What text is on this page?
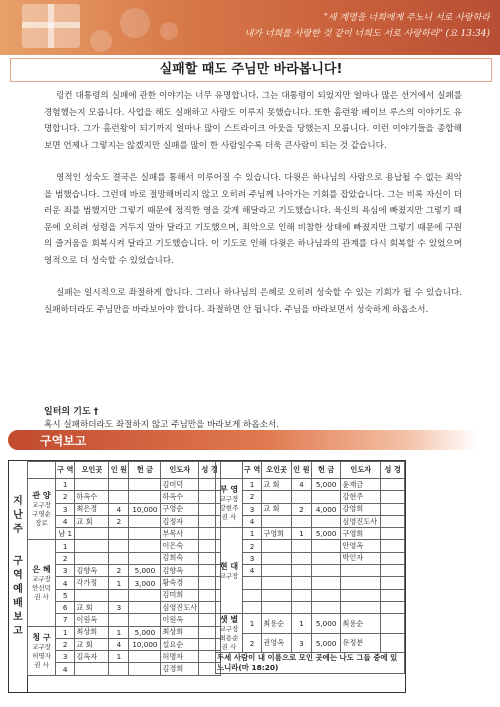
"새 계명을 너희에게 주노니 서로 사랑하라
내가 너희를 사랑한 것 같이 너희도 서로 사랑하라" (요 13:34)
실패할 때도 주님만 바라봅니다!

링컨 대통령의 실패에 관한 이야기는 너무 유명합니다. 그는 대통령이 되었지만 얼마나 많은 선거에서 실패를 경험했는지 모릅니다. 사업을 해도 실패하고 사랑도 이루지 못했습니다. 또한 홈런왕 베이브 루스의 이야기도 유명합니다. 그가 홈런왕이 되기까지 얼마나 많이 스트라이크 아웃을 당했는지 모릅니다. 이런 이야기들을 종합해보면 언제나 그렇지는 않겠지만 실패를 많이 한 사람일수록 더욱 큰사람이 되는 것 같습니다.

영적인 성숙도 결국은 실패를 통해서 이루어질 수 있습니다. 다윗은 하나님의 사람으로 용납될 수 없는 죄악을 범했습니다. 그런데 바로 절망해버리지 않고 오히려 주님께 나아가는 기회를 잡았습니다. 그는 비록 자신이 더러운 죄를 범했지만 그렇기 때문에 정직한 영을 갖게 해달라고 기도했습니다. 육신의 욕심에 빠졌지만 그렇기 때문에 오히려 성령을 거두지 말아 달라고 기도했으며, 죄악으로 인해 비참한 상태에 빠졌지만 그렇기 때문에 구원의 즐거움을 회복시켜 달라고 기도했습니다. 이 기도로 인해 다윗은 하나님과의 관계를 다시 회복할 수 있었으며 영적으로 더 성숙할 수 있었습니다.

실패는 일시적으로 좌절하게 합니다. 그러나 하나님의 은혜로 오히려 성숙할 수 있는 기회가 될 수 있습니다. 실패하더라도 주님만을 바라보아야 합니다. 좌절하면 안 됩니다. 주님을 바라보면서 성숙하게 하옵소서.

일터의 기도 †
혹시 실패하더라도 좌절하지 않고 주님만을 바라보게 하옵소서.
구역보고
지
난
주
구
역
예
배
보
고
	구 역	오인곳	인 원	헌 금	인도자	성 경

관 양
교구장 구영순 장로	1				김미덕	
	2	하옥수			하옥수	
	3	최은경	4	10,000	구영순	
	4	교 회	2		김정자	
	남 1				부목사	

은 혜
교구장 안선덕 권 사	1				이은숙	
	2				김희숙	
	3	김향옥	2	5,000	김향옥	
	4	각가정	1	3,000	황숙경	
	5				김미희	
	6	교 회	3		심영진도사	
	7	이원옥			이원옥	

청 구
교구장 허명자 권 사	1	최상희	1	5,000	최상희	
	2	교 회	4	10,000	설요순	
	3	김옥자	1		허명자	
	4				김경희	
	구 역	오인곳	인 원	헌 금	인도자	성 경

부 영
교구장 강현주 권 사	1	교 회	4	5,000	윤재금	
	2				강현주	
	3	교 회	2	4,000	강영희	
	4				심영진도사	

현 대
교구장	1	구영희	1	5,000	구영희	
	2				안영옥	
	3				박인자	
	4					

샛 별
교구장 최용순 권 사	1	최용순	1	5,000	최용순	
	2	권영옥	3	5,000	유정분	
두세 사람이 내 이름으로 모인 곳에는 나도 그들 중에 있느니라(마 18:20)						
